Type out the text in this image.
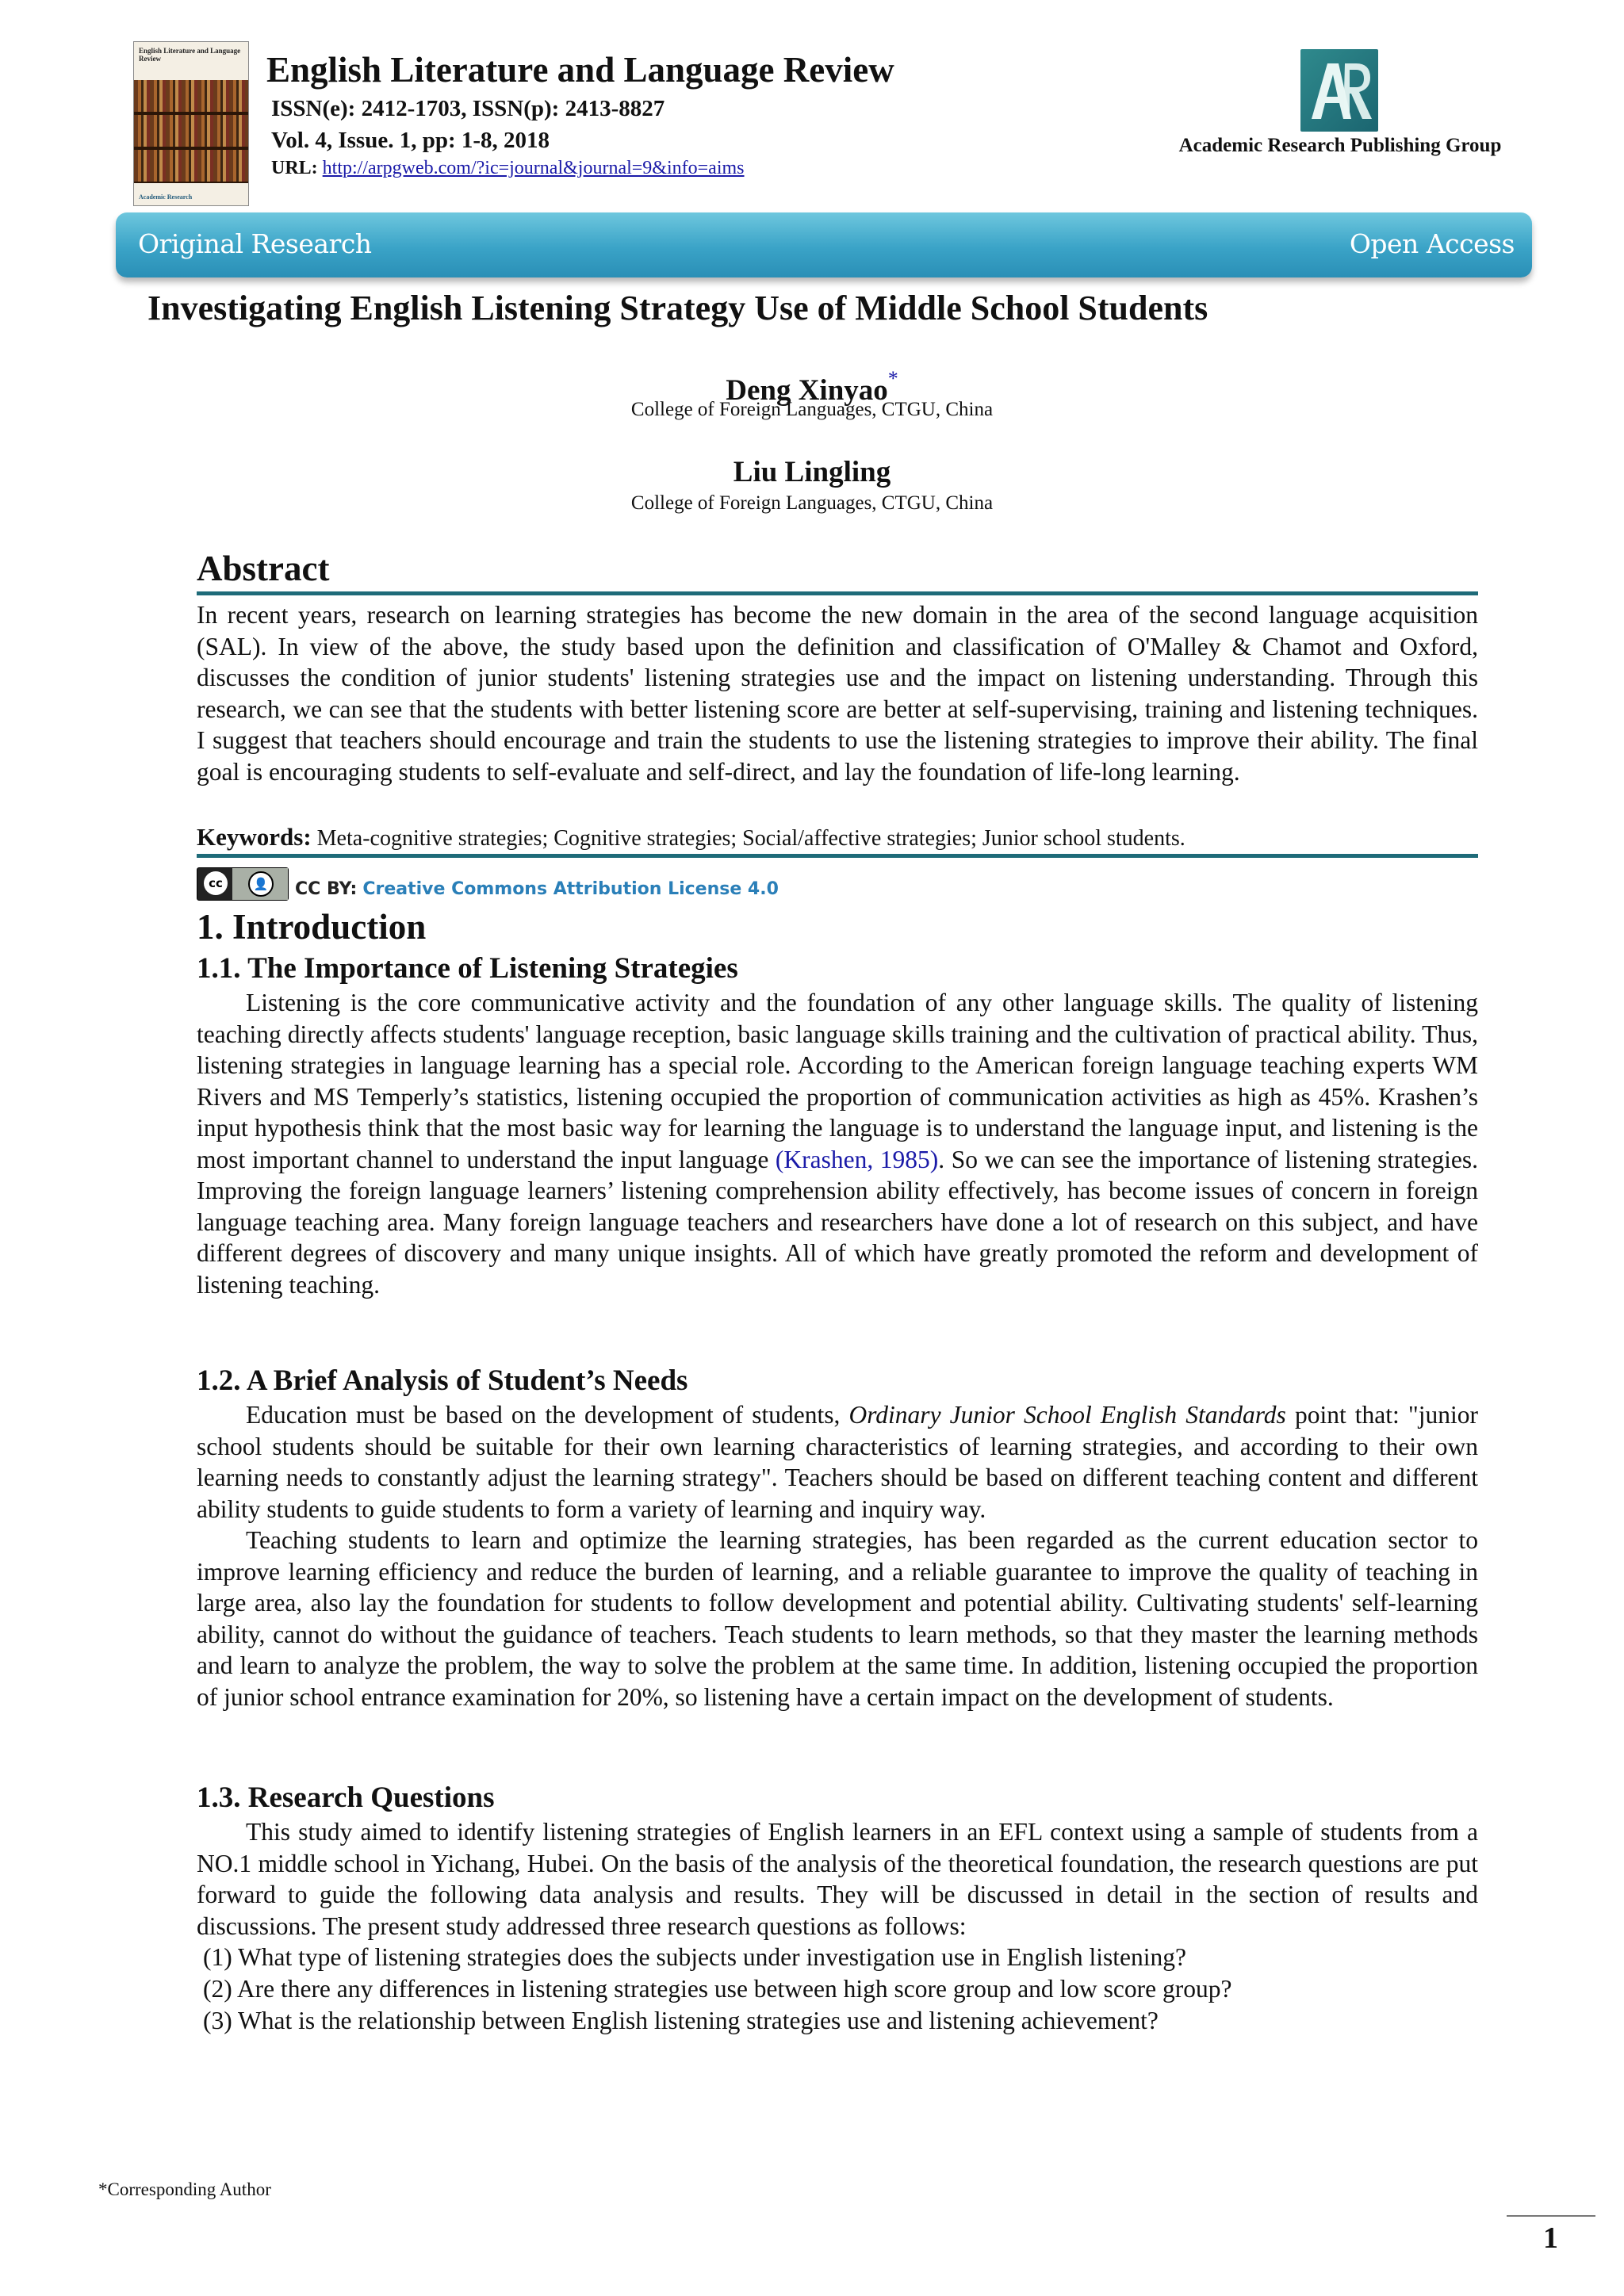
English Literature and Language Review
Academic Research
English Literature and Language Review
ISSN(e): 2412-1703, ISSN(p): 2413-8827
Vol. 4, Issue. 1, pp: 1-8, 2018
URL: http://arpgweb.com/?ic=journal&journal=9&info=aims
Academic Research Publishing Group
Original Research	Open Access
Investigating English Listening Strategy Use of Middle School Students
Deng Xinyao*
College of Foreign Languages, CTGU, China
Liu Lingling
College of Foreign Languages, CTGU, China
Abstract

In recent years, research on learning strategies has become the new domain in the area of the second language acquisition (SAL). In view of the above, the study based upon the definition and classification of O'Malley & Chamot and Oxford, discusses the condition of junior students' listening strategies use and the impact on listening understanding. Through this research, we can see that the students with better listening score are better at self-supervising, training and listening techniques. I suggest that teachers should encourage and train the students to use the listening strategies to improve their ability. The final goal is encouraging students to self-evaluate and self-direct, and lay the foundation of life-long learning.

Keywords: Meta-cognitive strategies; Cognitive strategies; Social/affective strategies; Junior school students.
cc	👤	CC BY: Creative Commons Attribution License 4.0
1. Introduction
1.1. The Importance of Listening Strategies

Listening is the core communicative activity and the foundation of any other language skills. The quality of listening teaching directly affects students' language reception, basic language skills training and the cultivation of practical ability. Thus, listening strategies in language learning has a special role. According to the American foreign language teaching experts WM Rivers and MS Temperly’s statistics, listening occupied the proportion of communication activities as high as 45%. Krashen’s input hypothesis think that the most basic way for learning the language is to understand the language input, and listening is the most important channel to understand the input language (Krashen, 1985). So we can see the importance of listening strategies. Improving the foreign language learners’ listening comprehension ability effectively, has become issues of concern in foreign language teaching area. Many foreign language teachers and researchers have done a lot of research on this subject, and have different degrees of discovery and many unique insights. All of which have greatly promoted the reform and development of listening teaching.

1.2. A Brief Analysis of Student’s Needs

Education must be based on the development of students, Ordinary Junior School English Standards point that: "junior school students should be suitable for their own learning characteristics of learning strategies, and according to their own learning needs to constantly adjust the learning strategy". Teachers should be based on different teaching content and different ability students to guide students to form a variety of learning and inquiry way.

Teaching students to learn and optimize the learning strategies, has been regarded as the current education sector to improve learning efficiency and reduce the burden of learning, and a reliable guarantee to improve the quality of teaching in large area, also lay the foundation for students to follow development and potential ability. Cultivating students' self-learning ability, cannot do without the guidance of teachers. Teach students to learn methods, so that they master the learning methods and learn to analyze the problem, the way to solve the problem at the same time. In addition, listening occupied the proportion of junior school entrance examination for 20%, so listening have a certain impact on the development of students.

1.3. Research Questions

This study aimed to identify listening strategies of English learners in an EFL context using a sample of students from a NO.1 middle school in Yichang, Hubei. On the basis of the analysis of the theoretical foundation, the research questions are put forward to guide the following data analysis and results. They will be discussed in detail in the section of results and discussions. The present study addressed three research questions as follows:

(1) What type of listening strategies does the subjects under investigation use in English listening?
(2) Are there any differences in listening strategies use between high score group and low score group?
(3) What is the relationship between English listening strategies use and listening achievement?
*Corresponding Author
1
